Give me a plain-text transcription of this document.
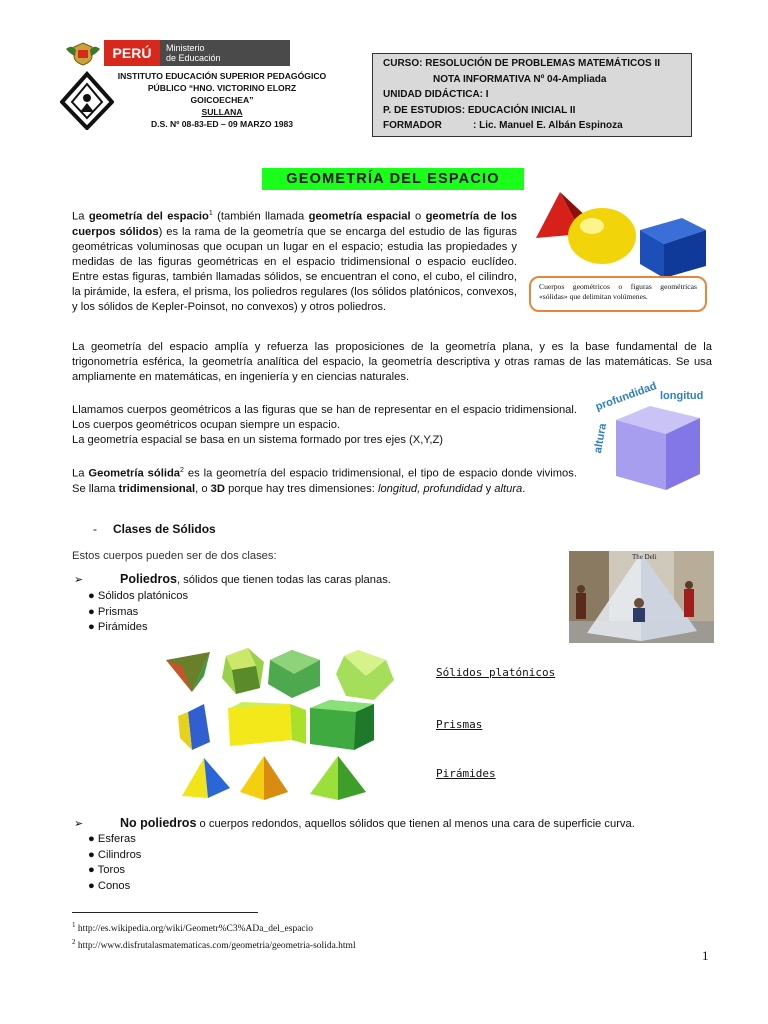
PERÚ	Ministerio
de Educación
INSTITUTO EDUCACIÓN SUPERIOR PEDAGÓGICO
PÚBLICO “HNO. VICTORINO ELORZ
GOICOECHEA”
SULLANA
D.S. Nº 08-83-ED – 09 MARZO 1983
CURSO: RESOLUCIÓN DE PROBLEMAS MATEMÁTICOS II
NOTA INFORMATIVA Nº 04-Ampliada
UNIDAD DIDÁCTICA: I
P. DE ESTUDIOS: EDUCACIÓN INICIAL II
FORMADOR	: Lic. Manuel E. Albán Espinoza
GEOMETRÍA DEL ESPACIO

La geometría del espacio$^1$ (también llamada geometría espacial o geometría de los cuerpos sólidos) es la rama de la geometría que se encarga del estudio de las figuras geométricas voluminosas que ocupan un lugar en el espacio; estudia las propiedades y medidas de las figuras geométricas en el espacio tridimensional o espacio euclídeo. Entre estas figuras, también llamadas sólidos, se encuentran el cono, el cubo, el cilindro, la pirámide, la esfera, el prisma, los poliedros regulares (los sólidos platónicos, convexos, y los sólidos de Kepler-Poinsot, no convexos) y otros poliedros.

Cuerpos geométricos o figuras geométricas «sólidas» que delimitan volúmenes.

La geometría del espacio amplía y refuerza las proposiciones de la geometría plana, y es la base fundamental de la trigonometría esférica, la geometría analítica del espacio, la geometría descriptiva y otras ramas de las matemáticas. Se usa ampliamente en matemáticas, en ingeniería y en ciencias naturales.

Llamamos cuerpos geométricos a las figuras que se han de representar en el espacio tridimensional. Los cuerpos geométricos ocupan siempre un espacio.

La geometría espacial se basa en un sistema formado por tres ejes (X,Y,Z)

profundidad longitud
altura

La Geometría sólida$^2$ es la geometría del espacio tridimensional, el tipo de espacio donde vivimos. Se llama tridimensional, o 3D porque hay tres dimensiones: longitud, profundidad y altura.

- Clases de Sólidos
Estos cuerpos pueden ser de dos clases:	The Deli
➢	Poliedros, sólidos que tienen todas las caras planas.
● Sólidos platónicos
● Prismas
● Pirámides
Sólidos platónicos
Prismas
Pirámides
➢	No poliedros o cuerpos redondos, aquellos sólidos que tienen al menos una cara de superficie curva.
● Esferas
● Cilindros
● Toros
● Conos
$^1$ http://es.wikipedia.org/wiki/Geometr%C3%ADa_del_espacio
$^2$ http://www.disfrutalasmatematicas.com/geometria/geometria-solida.html
1
